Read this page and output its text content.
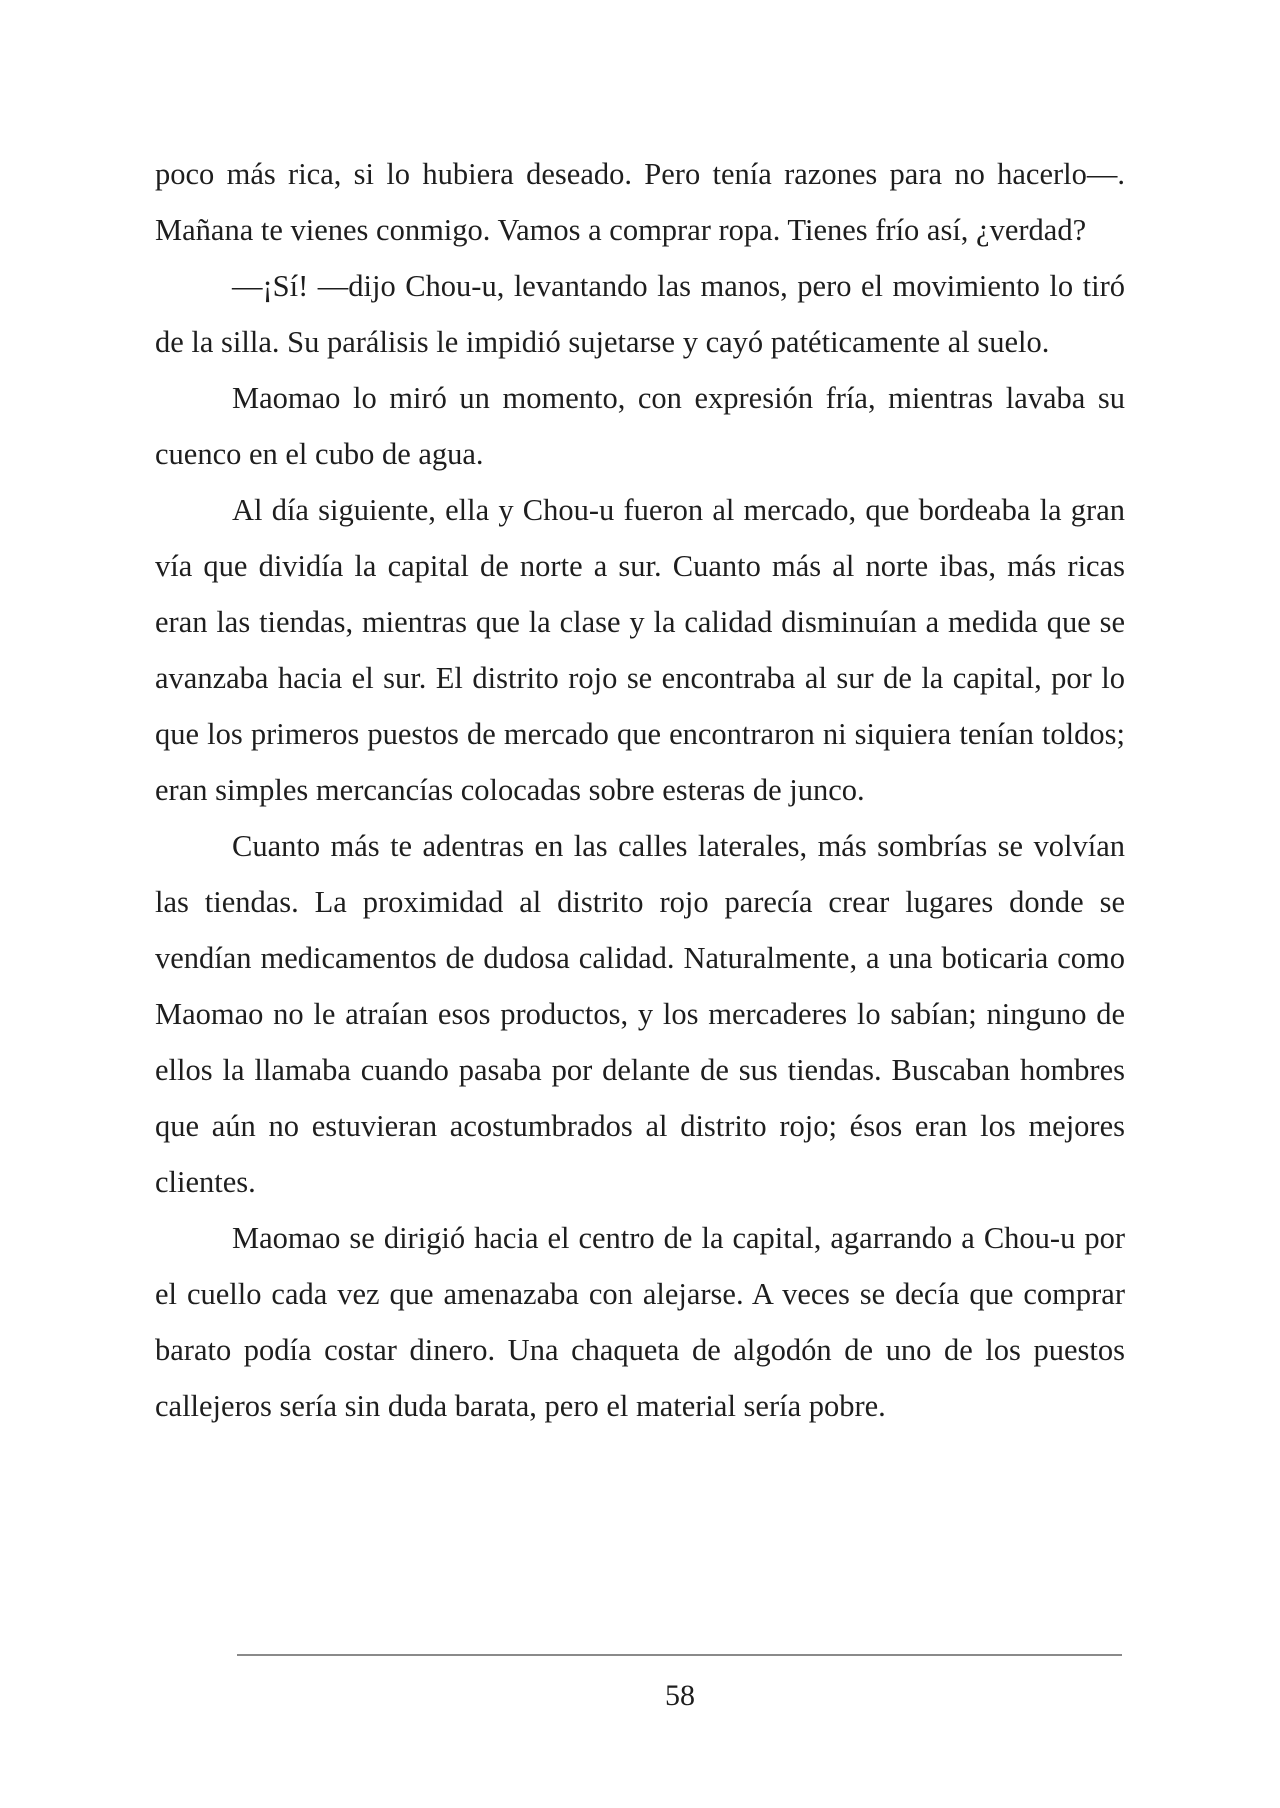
poco más rica, si lo hubiera deseado. Pero tenía razones para no hacerlo—. Mañana te vienes conmigo. Vamos a comprar ropa. Tienes frío así, ¿verdad?

—¡Sí! —dijo Chou-u, levantando las manos, pero el movimiento lo tiró de la silla. Su parálisis le impidió sujetarse y cayó patéticamente al suelo.

Maomao lo miró un momento, con expresión fría, mientras lavaba su cuenco en el cubo de agua.

Al día siguiente, ella y Chou-u fueron al mercado, que bordeaba la gran vía que dividía la capital de norte a sur. Cuanto más al norte ibas, más ricas eran las tiendas, mientras que la clase y la calidad disminuían a medida que se avanzaba hacia el sur. El distrito rojo se encontraba al sur de la capital, por lo que los primeros puestos de mercado que encontraron ni siquiera tenían toldos; eran simples mercancías colocadas sobre esteras de junco.

Cuanto más te adentras en las calles laterales, más sombrías se volvían las tiendas. La proximidad al distrito rojo parecía crear lugares donde se vendían medicamentos de dudosa calidad. Naturalmente, a una boticaria como Maomao no le atraían esos productos, y los mercaderes lo sabían; ninguno de ellos la llamaba cuando pasaba por delante de sus tiendas. Buscaban hombres que aún no estuvieran acostumbrados al distrito rojo; ésos eran los mejores clientes.

Maomao se dirigió hacia el centro de la capital, agarrando a Chou-u por el cuello cada vez que amenazaba con alejarse. A veces se decía que comprar barato podía costar dinero. Una chaqueta de algodón de uno de los puestos callejeros sería sin duda barata, pero el material sería pobre.

58
